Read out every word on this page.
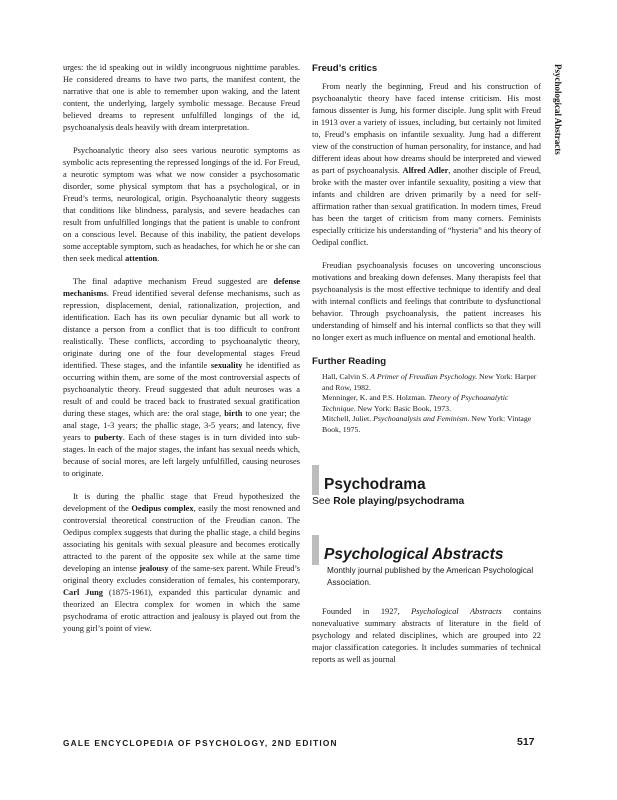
Psychological Abstracts

urges: the id speaking out in wildly incongruous nighttime parables. He considered dreams to have two parts, the manifest content, the narrative that one is able to remember upon waking, and the latent content, the underlying, largely symbolic message. Because Freud believed dreams to represent unfulfilled longings of the id, psychoanalysis deals heavily with dream interpretation.

Psychoanalytic theory also sees various neurotic symptoms as symbolic acts representing the repressed longings of the id. For Freud, a neurotic symptom was what we now consider a psychosomatic disorder, some physical symptom that has a psychological, or in Freud’s terms, neurological, origin. Psychoanalytic theory suggests that conditions like blindness, paralysis, and severe headaches can result from unfulfilled longings that the patient is unable to confront on a conscious level. Because of this inability, the patient develops some acceptable symptom, such as headaches, for which he or she can then seek medical attention.

The final adaptive mechanism Freud suggested are defense mechanisms. Freud identified several defense mechanisms, such as repression, displacement, denial, rationalization, projection, and identification. Each has its own peculiar dynamic but all work to distance a person from a conflict that is too difficult to confront realistically. These conflicts, according to psychoanalytic theory, originate during one of the four developmental stages Freud identified. These stages, and the infantile sexuality he identified as occurring within them, are some of the most controversial aspects of psychoanalytic theory. Freud suggested that adult neuroses was a result of and could be traced back to frustrated sexual gratification during these stages, which are: the oral stage, birth to one year; the anal stage, 1-3 years; the phallic stage, 3-5 years; and latency, five years to puberty. Each of these stages is in turn divided into sub-stages. In each of the major stages, the infant has sexual needs which, because of social mores, are left largely unfulfilled, causing neuroses to originate.

It is during the phallic stage that Freud hypothesized the development of the Oedipus complex, easily the most renowned and controversial theoretical construction of the Freudian canon. The Oedipus complex suggests that during the phallic stage, a child begins associating his genitals with sexual pleasure and becomes erotically attracted to the parent of the opposite sex while at the same time developing an intense jealousy of the same-sex parent. While Freud’s original theory excludes consideration of females, his contemporary, Carl Jung (1875-1961), expanded this particular dynamic and theorized an Electra complex for women in which the same psychodrama of erotic attraction and jealousy is played out from the young girl’s point of view.

Freud’s critics

From nearly the beginning, Freud and his construction of psychoanalytic theory have faced intense criticism. His most famous dissenter is Jung, his former disciple. Jung split with Freud in 1913 over a variety of issues, including, but certainly not limited to, Freud’s emphasis on infantile sexuality. Jung had a different view of the construction of human personality, for instance, and had different ideas about how dreams should be interpreted and viewed as part of psychoanalysis. Alfred Adler, another disciple of Freud, broke with the master over infantile sexuality, positing a view that infants and children are driven primarily by a need for self-affirmation rather than sexual gratification. In modern times, Freud has been the target of criticism from many corners. Feminists especially criticize his understanding of “hysteria” and his theory of Oedipal conflict.

Freudian psychoanalysis focuses on uncovering unconscious motivations and breaking down defenses. Many therapists feel that psychoanalysis is the most effective technique to identify and deal with internal conflicts and feelings that contribute to dysfunctional behavior. Through psychoanalysis, the patient increases his understanding of himself and his internal conflicts so that they will no longer exert as much influence on mental and emotional health.

Further Reading

Hall, Calvin S. A Primer of Freudian Psychology. New York: Harper and Row, 1982.

Menninger, K. and P.S. Holzman. Theory of Psychoanalytic Technique. New York: Basic Book, 1973.

Mitchell, Juliet. Psychoanalysis and Feminism. New York: Vintage Book, 1975.

Psychodrama

See Role playing/psychodrama

Psychological Abstracts

Monthly journal published by the American Psychological Association.

Founded in 1927, Psychological Abstracts contains nonevaluative summary abstracts of literature in the field of psychology and related disciplines, which are grouped into 22 major classification categories. It includes summaries of technical reports as well as journal

GALE ENCYCLOPEDIA OF PSYCHOLOGY, 2ND EDITION	517
